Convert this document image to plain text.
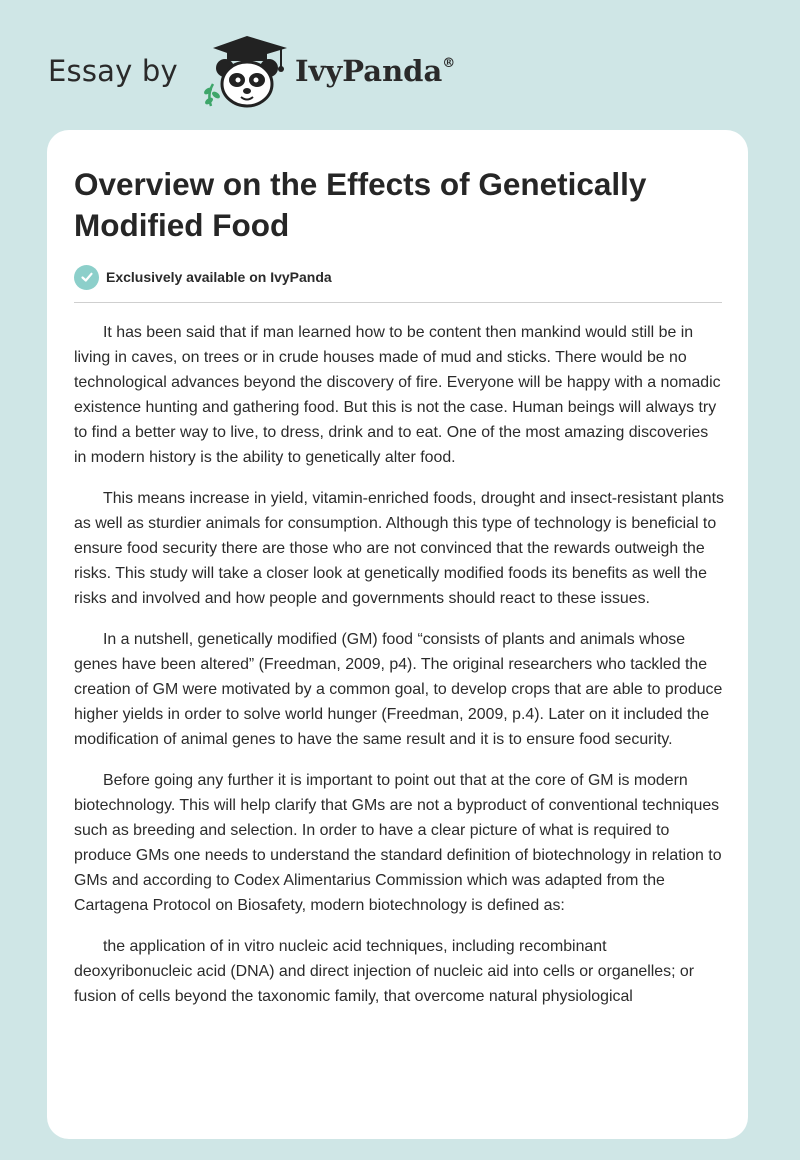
Essay by	IvyPanda®
Overview on the Effects of Genetically Modified Food
Exclusively available on IvyPanda

It has been said that if man learned how to be content then mankind would still be in living in caves, on trees or in crude houses made of mud and sticks. There would be no technological advances beyond the discovery of fire. Everyone will be happy with a nomadic existence hunting and gathering food. But this is not the case. Human beings will always try to find a better way to live, to dress, drink and to eat. One of the most amazing discoveries in modern history is the ability to genetically alter food.

This means increase in yield, vitamin-enriched foods, drought and insect-resistant plants as well as sturdier animals for consumption. Although this type of technology is beneficial to ensure food security there are those who are not convinced that the rewards outweigh the risks. This study will take a closer look at genetically modified foods its benefits as well the risks and involved and how people and governments should react to these issues.

In a nutshell, genetically modified (GM) food “consists of plants and animals whose genes have been altered” (Freedman, 2009, p4). The original researchers who tackled the creation of GM were motivated by a common goal, to develop crops that are able to produce higher yields in order to solve world hunger (Freedman, 2009, p.4). Later on it included the modification of animal genes to have the same result and it is to ensure food security.

Before going any further it is important to point out that at the core of GM is modern biotechnology. This will help clarify that GMs are not a byproduct of conventional techniques such as breeding and selection. In order to have a clear picture of what is required to produce GMs one needs to understand the standard definition of biotechnology in relation to GMs and according to Codex Alimentarius Commission which was adapted from the Cartagena Protocol on Biosafety, modern biotechnology is defined as:

the application of in vitro nucleic acid techniques, including recombinant deoxyribonucleic acid (DNA) and direct injection of nucleic aid into cells or organelles; or fusion of cells beyond the taxonomic family, that overcome natural physiological
